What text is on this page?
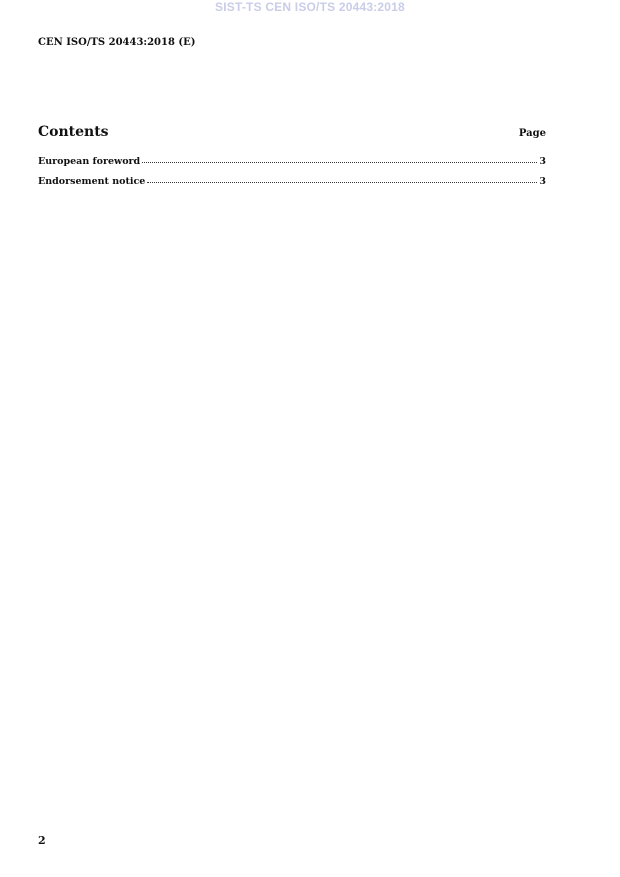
SIST-TS CEN ISO/TS 20443:2018
CEN ISO/TS 20443:2018 (E)
Contents	Page
European foreword	3
Endorsement notice	3
2
